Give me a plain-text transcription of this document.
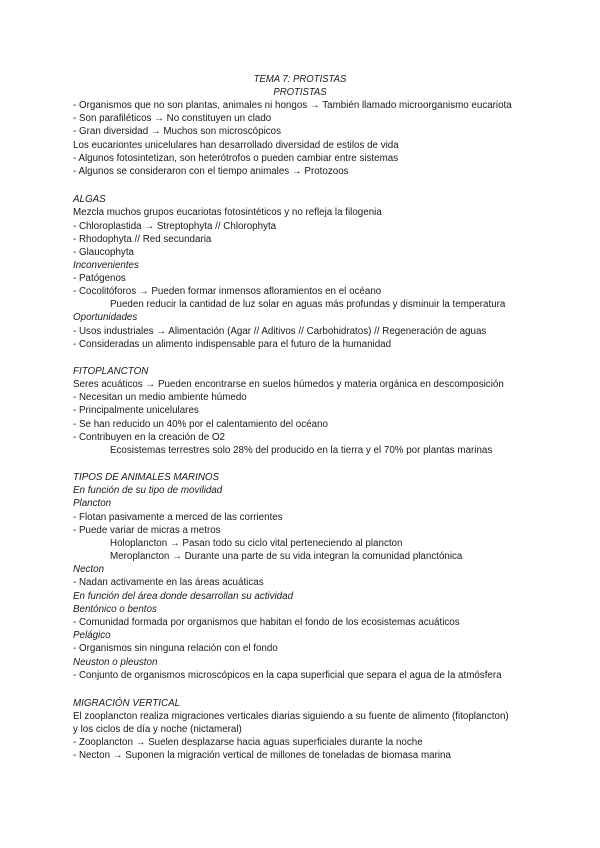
TEMA 7: PROTISTAS
PROTISTAS
- Organismos que no son plantas, animales ni hongos → También llamado microorganismo eucariota
- Son parafiléticos → No constituyen un clado
- Gran diversidad → Muchos son microscópicos
Los eucariontes unicelulares han desarrollado diversidad de estilos de vida
- Algunos fotosintetizan, son heterótrofos o pueden cambiar entre sistemas
- Algunos se consideraron con el tiempo animales → Protozoos
ALGAS
Mezcla muchos grupos eucariotas fotosintéticos y no refleja la filogenia
- Chloroplastida → Streptophyta // Chlorophyta
- Rhodophyta // Red secundaria
- Glaucophyta
Inconvenientes
- Patógenos
- Cocolitóforos → Pueden formar inmensos afloramientos en el océano
Pueden reducir la cantidad de luz solar en aguas más profundas y disminuir la temperatura
Oportunidades
- Usos industriales → Alimentación (Agar // Aditivos // Carbohidratos) // Regeneración de aguas
- Consideradas un alimento indispensable para el futuro de la humanidad
FITOPLANCTON
Seres acuáticos → Pueden encontrarse en suelos húmedos y materia orgánica en descomposición
- Necesitan un medio ambiente húmedo
- Principalmente unicelulares
- Se han reducido un 40% por el calentamiento del océano
- Contribuyen en la creación de O2
Ecosistemas terrestres solo 28% del producido en la tierra y el 70% por plantas marinas
TIPOS DE ANIMALES MARINOS
En función de su tipo de movilidad
Plancton
- Flotan pasivamente a merced de las corrientes
- Puede variar de micras a metros
Holoplancton → Pasan todo su ciclo vital perteneciendo al plancton
Meroplancton → Durante una parte de su vida integran la comunidad planctónica
Necton
- Nadan activamente en las áreas acuáticas
En función del área donde desarrollan su actividad
Bentónico o bentos
- Comunidad formada por organismos que habitan el fondo de los ecosistemas acuáticos
Pelágico
- Organismos sin ninguna relación con el fondo
Neuston o pleuston
- Conjunto de organismos microscópicos en la capa superficial que separa el agua de la atmósfera
MIGRACIÓN VERTICAL
El zooplancton realiza migraciones verticales diarias siguiendo a su fuente de alimento (fitoplancton)
y los ciclos de día y noche (nictameral)
- Zooplancton → Suelen desplazarse hacia aguas superficiales durante la noche
- Necton → Suponen la migración vertical de millones de toneladas de biomasa marina
